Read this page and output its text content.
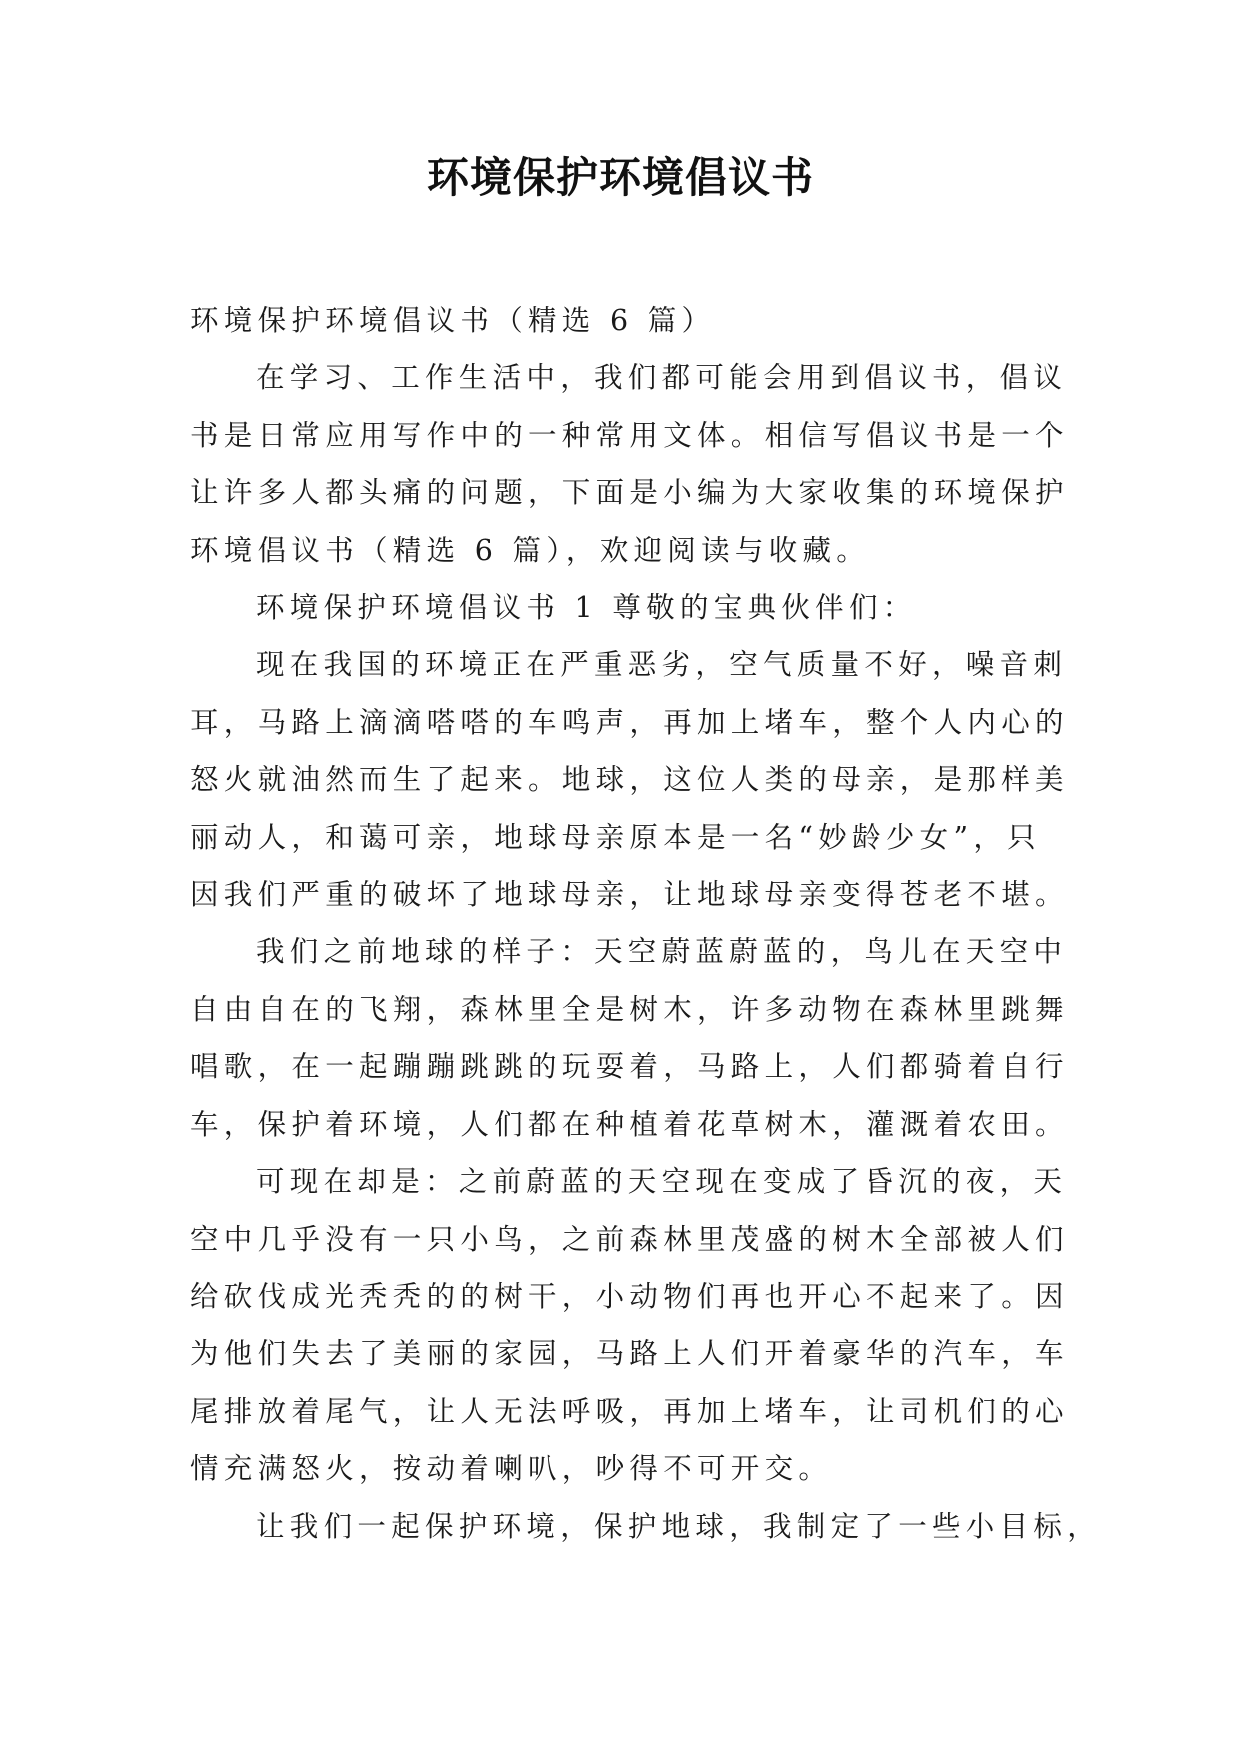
环境保护环境倡议书
环境保护环境倡议书（精选 6 篇）
在学习、工作生活中，我们都可能会用到倡议书，倡议
书是日常应用写作中的一种常用文体。相信写倡议书是一个
让许多人都头痛的问题，下面是小编为大家收集的环境保护
环境倡议书（精选 6 篇），欢迎阅读与收藏。
环境保护环境倡议书 1 尊敬的宝典伙伴们：
现在我国的环境正在严重恶劣，空气质量不好，噪音刺
耳，马路上滴滴嗒嗒的车鸣声，再加上堵车，整个人内心的
怒火就油然而生了起来。地球，这位人类的母亲，是那样美
丽动人，和蔼可亲，地球母亲原本是一名“妙龄少女”，只
因我们严重的破坏了地球母亲，让地球母亲变得苍老不堪。
我们之前地球的样子：天空蔚蓝蔚蓝的，鸟儿在天空中
自由自在的飞翔，森林里全是树木，许多动物在森林里跳舞
唱歌，在一起蹦蹦跳跳的玩耍着，马路上，人们都骑着自行
车，保护着环境，人们都在种植着花草树木，灌溉着农田。
可现在却是：之前蔚蓝的天空现在变成了昏沉的夜，天
空中几乎没有一只小鸟，之前森林里茂盛的树木全部被人们
给砍伐成光秃秃的的树干，小动物们再也开心不起来了。因
为他们失去了美丽的家园，马路上人们开着豪华的汽车，车
尾排放着尾气，让人无法呼吸，再加上堵车，让司机们的心
情充满怒火，按动着喇叭，吵得不可开交。
让我们一起保护环境，保护地球，我制定了一些小目标，
